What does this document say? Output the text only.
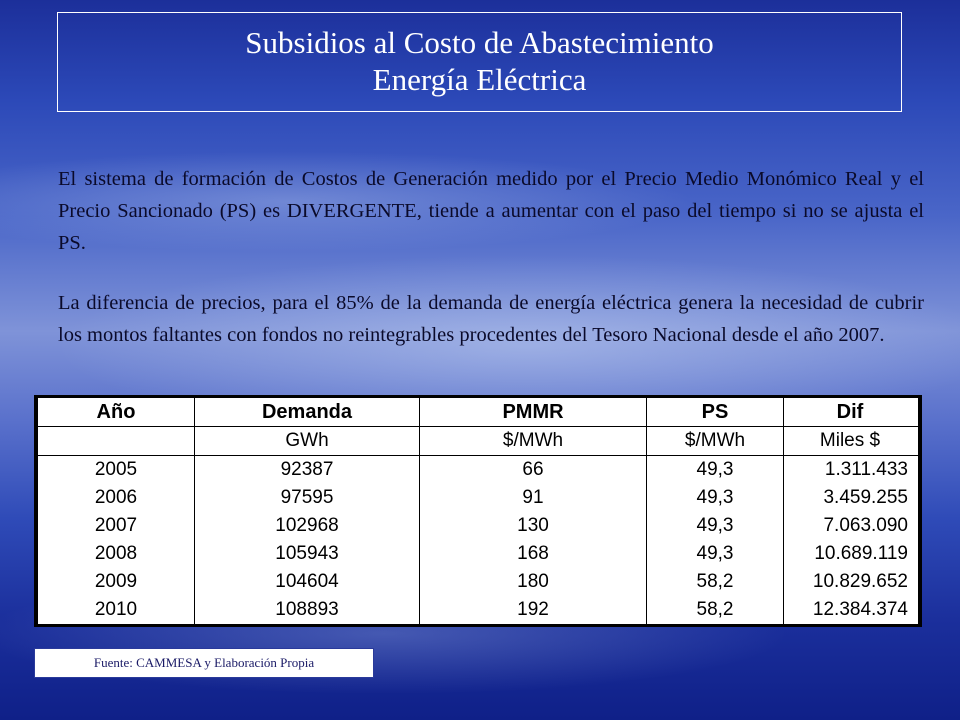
Subsidios al Costo de Abastecimiento
Energía Eléctrica

El sistema de formación de Costos de Generación medido por el Precio Medio Monómico Real y el Precio Sancionado (PS) es DIVERGENTE, tiende a aumentar con el paso del tiempo si no se ajusta el PS.

La diferencia de precios, para el 85% de la demanda de energía eléctrica genera la necesidad de cubrir los montos faltantes con fondos no reintegrables procedentes del Tesoro Nacional desde el año 2007.

Año	Demanda	PMMR	PS	Dif
	GWh	$/MWh	$/MWh	Miles $
2005	92387	66	49,3	1.311.433
2006	97595	91	49,3	3.459.255
2007	102968	130	49,3	7.063.090
2008	105943	168	49,3	10.689.119
2009	104604	180	58,2	10.829.652
2010	108893	192	58,2	12.384.374
Fuente: CAMMESA y Elaboración Propia
